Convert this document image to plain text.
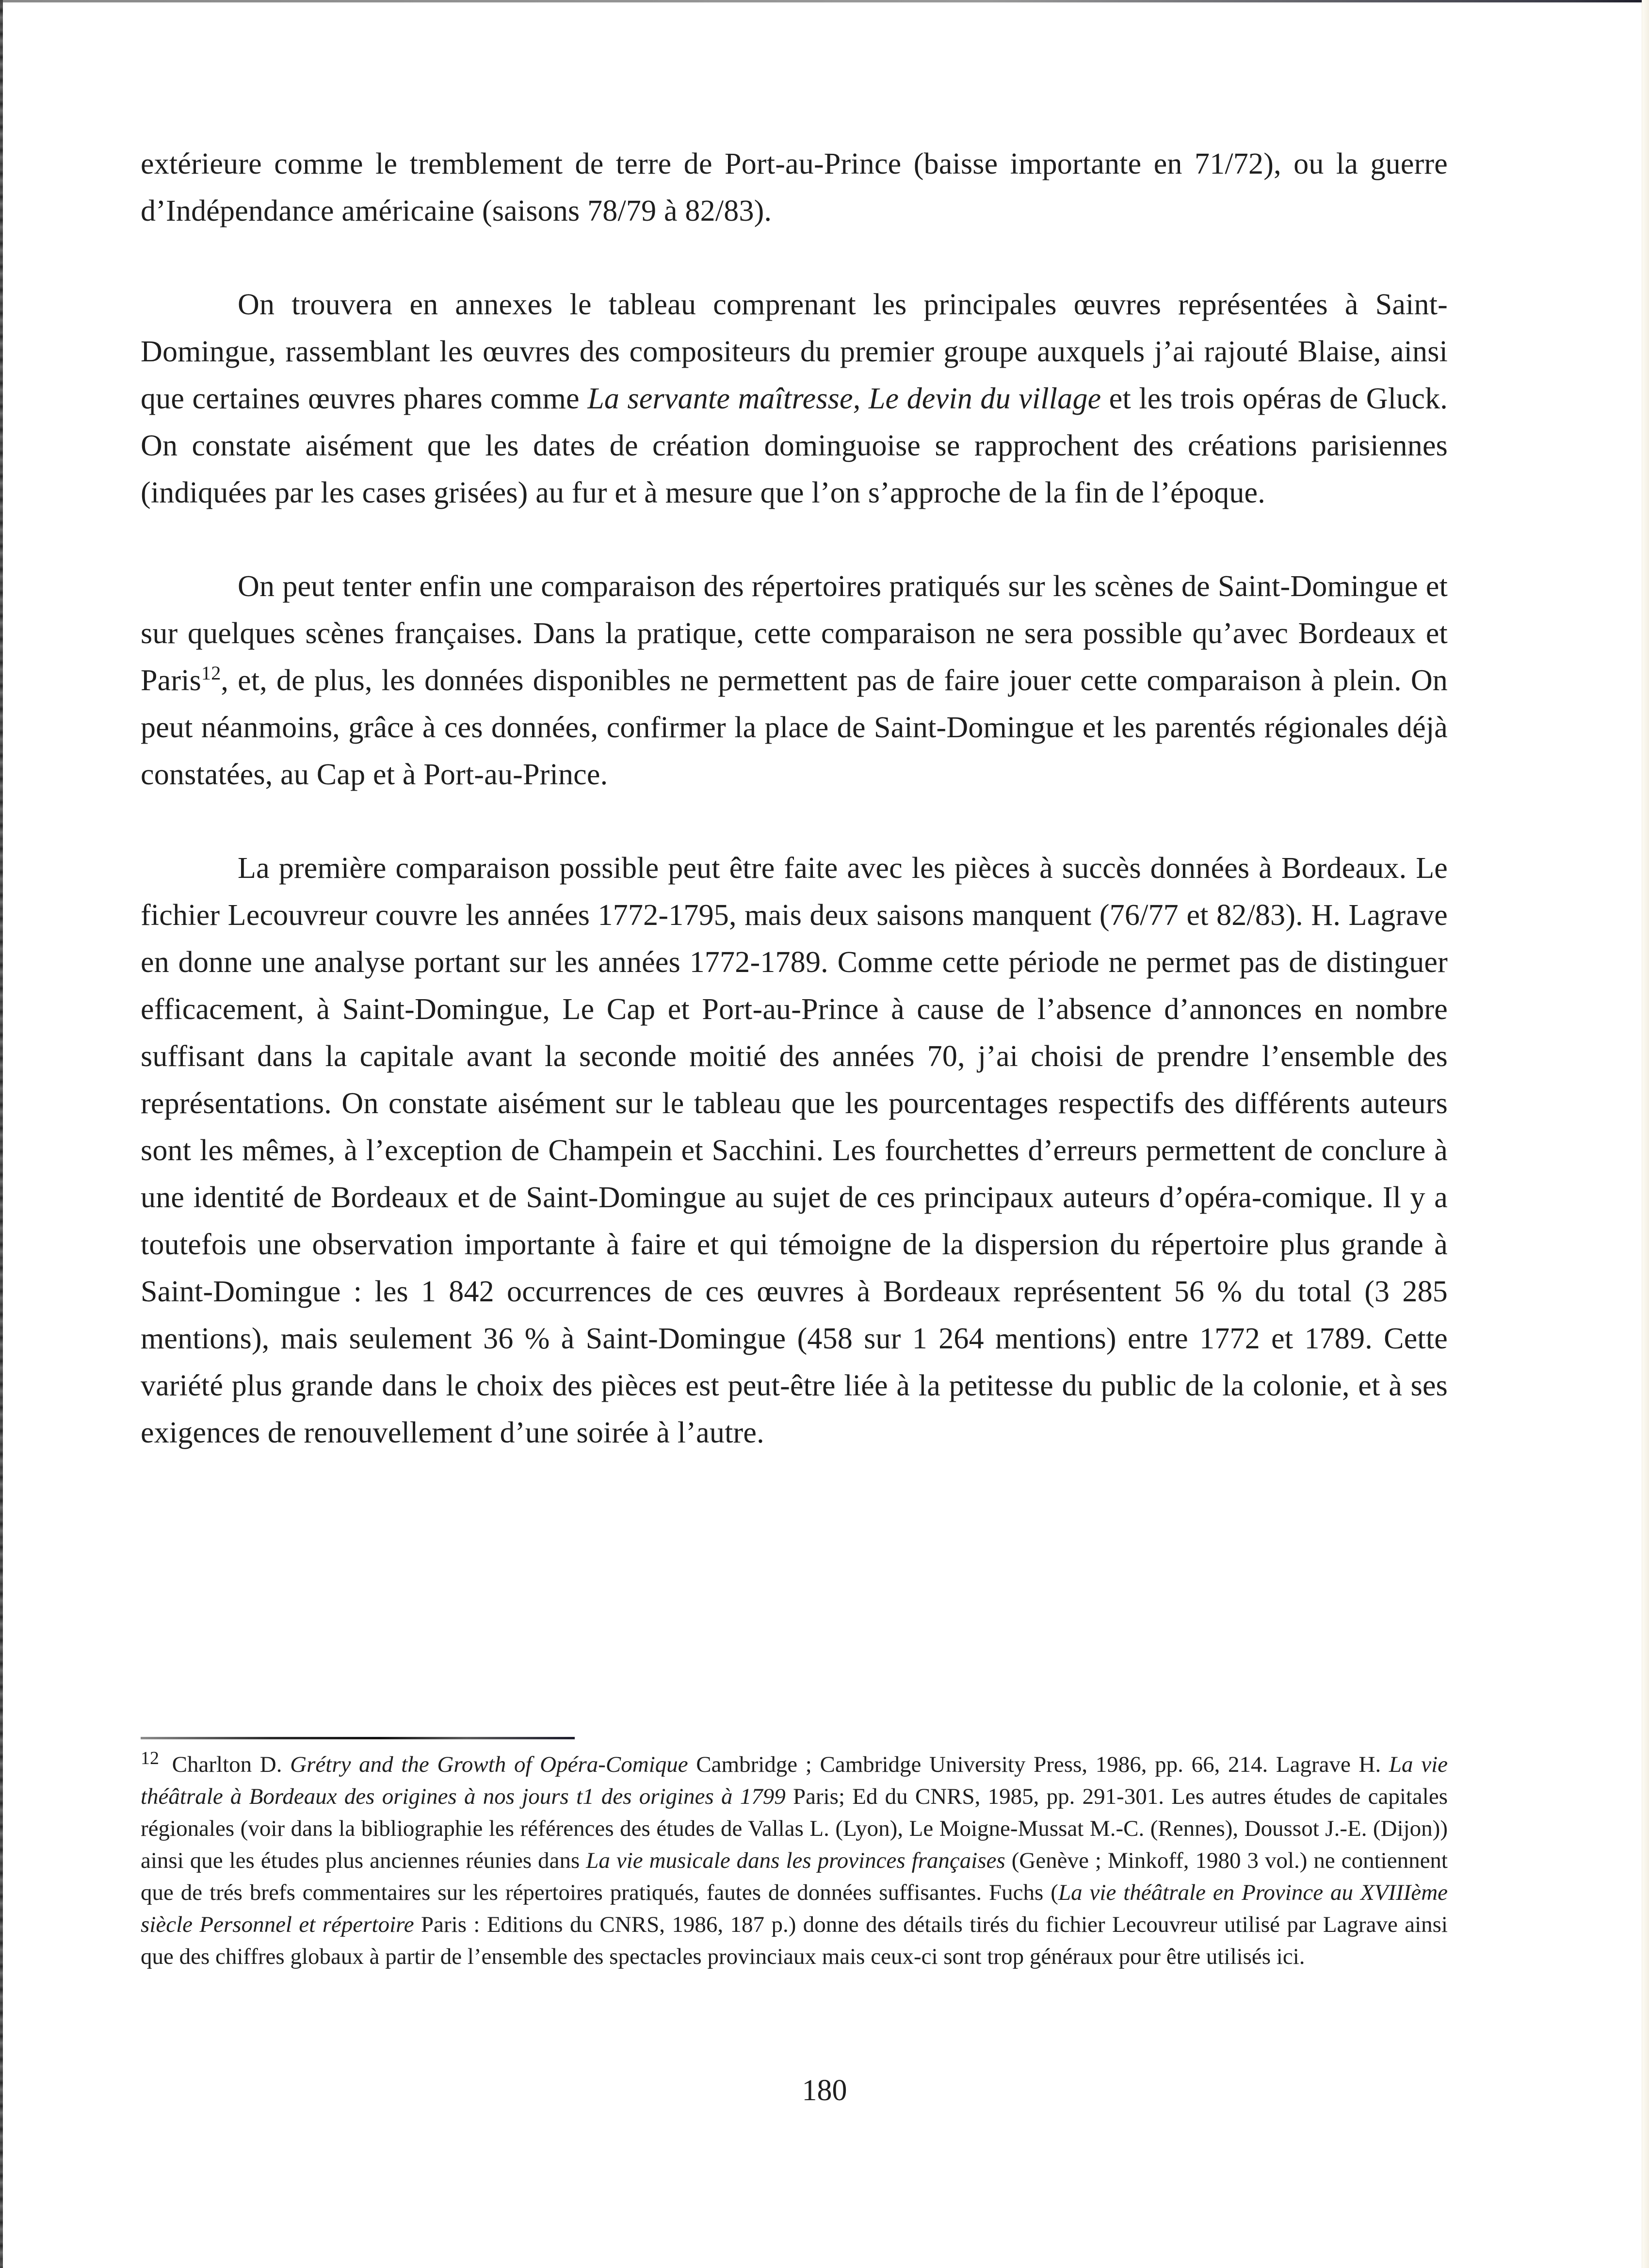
extérieure comme le tremblement de terre de Port-au-Prince (baisse importante en 71/72), ou la guerre d’Indépendance américaine (saisons 78/79 à 82/83).

On trouvera en annexes le tableau comprenant les principales œuvres représentées à Saint-Domingue, rassemblant les œuvres des compositeurs du premier groupe auxquels j’ai rajouté Blaise, ainsi que certaines œuvres phares comme La servante maîtresse, Le devin du village et les trois opéras de Gluck. On constate aisément que les dates de création dominguoise se rapprochent des créations parisiennes (indiquées par les cases grisées) au fur et à mesure que l’on s’approche de la fin de l’époque.

On peut tenter enfin une comparaison des répertoires pratiqués sur les scènes de Saint-Domingue et sur quelques scènes françaises. Dans la pratique, cette comparaison ne sera possible qu’avec Bordeaux et Paris$^{12}$, et, de plus, les données disponibles ne permettent pas de faire jouer cette comparaison à plein. On peut néanmoins, grâce à ces données, confirmer la place de Saint-Domingue et les parentés régionales déjà constatées, au Cap et à Port-au-Prince.

La première comparaison possible peut être faite avec les pièces à succès données à Bordeaux. Le fichier Lecouvreur couvre les années 1772-1795, mais deux saisons manquent (76/77 et 82/83). H. Lagrave en donne une analyse portant sur les années 1772-1789. Comme cette période ne permet pas de distinguer efficacement, à Saint-Domingue, Le Cap et Port-au-Prince à cause de l’absence d’annonces en nombre suffisant dans la capitale avant la seconde moitié des années 70, j’ai choisi de prendre l’ensemble des représentations. On constate aisément sur le tableau que les pourcentages respectifs des différents auteurs sont les mêmes, à l’exception de Champein et Sacchini. Les fourchettes d’erreurs permettent de conclure à une identité de Bordeaux et de Saint-Domingue au sujet de ces principaux auteurs d’opéra-comique. Il y a toutefois une observation importante à faire et qui témoigne de la dispersion du répertoire plus grande à Saint-Domingue : les 1 842 occurrences de ces œuvres à Bordeaux représentent 56 % du total (3 285 mentions), mais seulement 36 % à Saint-Domingue (458 sur 1 264 mentions) entre 1772 et 1789. Cette variété plus grande dans le choix des pièces est peut-être liée à la petitesse du public de la colonie, et à ses exigences de renouvellement d’une soirée à l’autre.

$^{12}$ Charlton D. Grétry and the Growth of Opéra-Comique Cambridge ; Cambridge University Press, 1986, pp. 66, 214. Lagrave H. La vie théâtrale à Bordeaux des origines à nos jours t1 des origines à 1799 Paris; Ed du CNRS, 1985, pp. 291-301. Les autres études de capitales régionales (voir dans la bibliographie les références des études de Vallas L. (Lyon), Le Moigne-Mussat M.-C. (Rennes), Doussot J.-E. (Dijon)) ainsi que les études plus anciennes réunies dans La vie musicale dans les provinces françaises (Genève ; Minkoff, 1980 3 vol.) ne contiennent que de trés brefs commentaires sur les répertoires pratiqués, fautes de données suffisantes. Fuchs (La vie théâtrale en Province au XVIIIème siècle Personnel et répertoire Paris : Editions du CNRS, 1986, 187 p.) donne des détails tirés du fichier Lecouvreur utilisé par Lagrave ainsi que des chiffres globaux à partir de l’ensemble des spectacles provinciaux mais ceux-ci sont trop généraux pour être utilisés ici.

180
